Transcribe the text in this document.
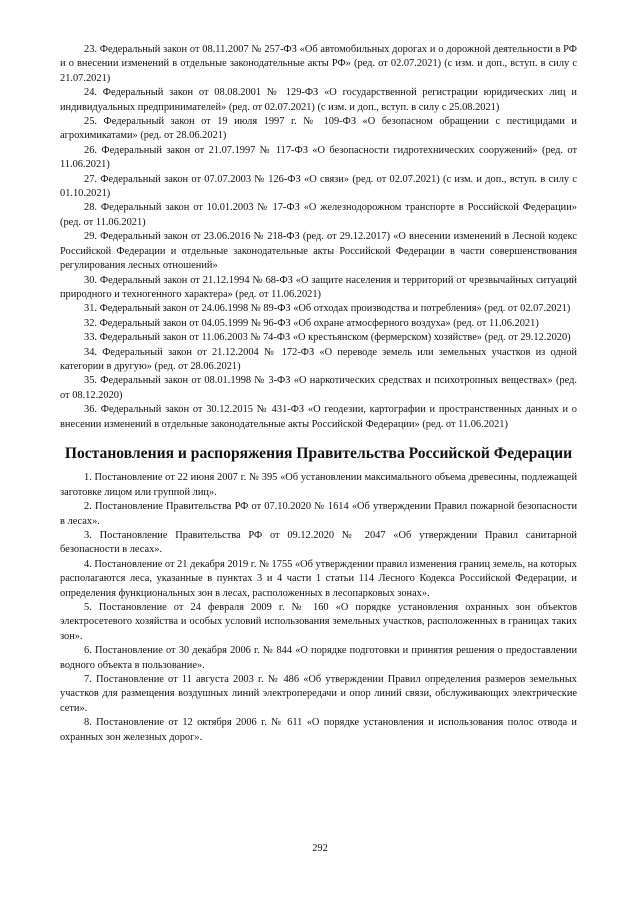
23. Федеральный закон от 08.11.2007 № 257-ФЗ «Об автомобильных дорогах и о дорожной деятельности в РФ и о внесении изменений в отдельные законодательные акты РФ» (ред. от 02.07.2021) (с изм. и доп., вступ. в силу с 21.07.2021)

24. Федеральный закон от 08.08.2001 № 129-ФЗ «О государственной регистрации юридических лиц и индивидуальных предпринимателей» (ред. от 02.07.2021) (с изм. и доп., вступ. в силу с 25.08.2021)

25. Федеральный закон от 19 июля 1997 г. № 109-ФЗ «О безопасном обращении с пестицидами и агрохимикатами» (ред. от 28.06.2021)

26. Федеральный закон от 21.07.1997 № 117-ФЗ «О безопасности гидротехнических сооружений» (ред. от 11.06.2021)

27. Федеральный закон от 07.07.2003 № 126-ФЗ «О связи» (ред. от 02.07.2021) (с изм. и доп., вступ. в силу с 01.10.2021)

28. Федеральный закон от 10.01.2003 № 17-ФЗ «О железнодорожном транспорте в Российской Федерации» (ред. от 11.06.2021)

29. Федеральный закон от 23.06.2016 № 218-ФЗ (ред. от 29.12.2017) «О внесении изменений в Лесной кодекс Российской Федерации и отдельные законодательные акты Российской Федерации в части совершенствования регулирования лесных отношений»

30. Федеральный закон от 21.12.1994 № 68-ФЗ «О защите населения и территорий от чрезвычайных ситуаций природного и техногенного характера» (ред. от 11.06.2021)

31. Федеральный закон от 24.06.1998 № 89-ФЗ «Об отходах производства и потребления» (ред. от 02.07.2021)

32. Федеральный закон от 04.05.1999 № 96-ФЗ «Об охране атмосферного воздуха» (ред. от 11.06.2021)

33. Федеральный закон от 11.06.2003 № 74-ФЗ «О крестьянском (фермерском) хозяйстве» (ред. от 29.12.2020)

34. Федеральный закон от 21.12.2004 № 172-ФЗ «О переводе земель или земельных участков из одной категории в другую» (ред. от 28.06.2021)

35. Федеральный закон от 08.01.1998 № 3-ФЗ «О наркотических средствах и психотропных веществах» (ред. от 08.12.2020)

36. Федеральный закон от 30.12.2015 № 431-ФЗ «О геодезии, картографии и пространственных данных и о внесении изменений в отдельные законодательные акты Российской Федерации» (ред. от 11.06.2021)

Постановления и распоряжения Правительства Российской Федерации

1. Постановление от 22 июня 2007 г. № 395 «Об установлении максимального объема древесины, подлежащей заготовке лицом или группой лиц».

2. Постановление Правительства РФ от 07.10.2020 № 1614 «Об утверждении Правил пожарной безопасности в лесах».

3. Постановление Правительства РФ от 09.12.2020 № 2047 «Об утверждении Правил санитарной безопасности в лесах».

4. Постановление от 21 декабря 2019 г. № 1755 «Об утверждении правил изменения границ земель, на которых располагаются леса, указанные в пунктах 3 и 4 части 1 статьи 114 Лесного Кодекса Российской Федерации, и определения функциональных зон в лесах, расположенных в лесопарковых зонах».

5. Постановление от 24 февраля 2009 г. № 160 «О порядке установления охранных зон объектов электросетевого хозяйства и особых условий использования земельных участков, расположенных в границах таких зон».

6. Постановление от 30 декабря 2006 г. № 844 «О порядке подготовки и принятия решения о предоставлении водного объекта в пользование».

7. Постановление от 11 августа 2003 г. № 486 «Об утверждении Правил определения размеров земельных участков для размещения воздушных линий электропередачи и опор линий связи, обслуживающих электрические сети».

8. Постановление от 12 октября 2006 г. № 611 «О порядке установления и использования полос отвода и охранных зон железных дорог».

292
